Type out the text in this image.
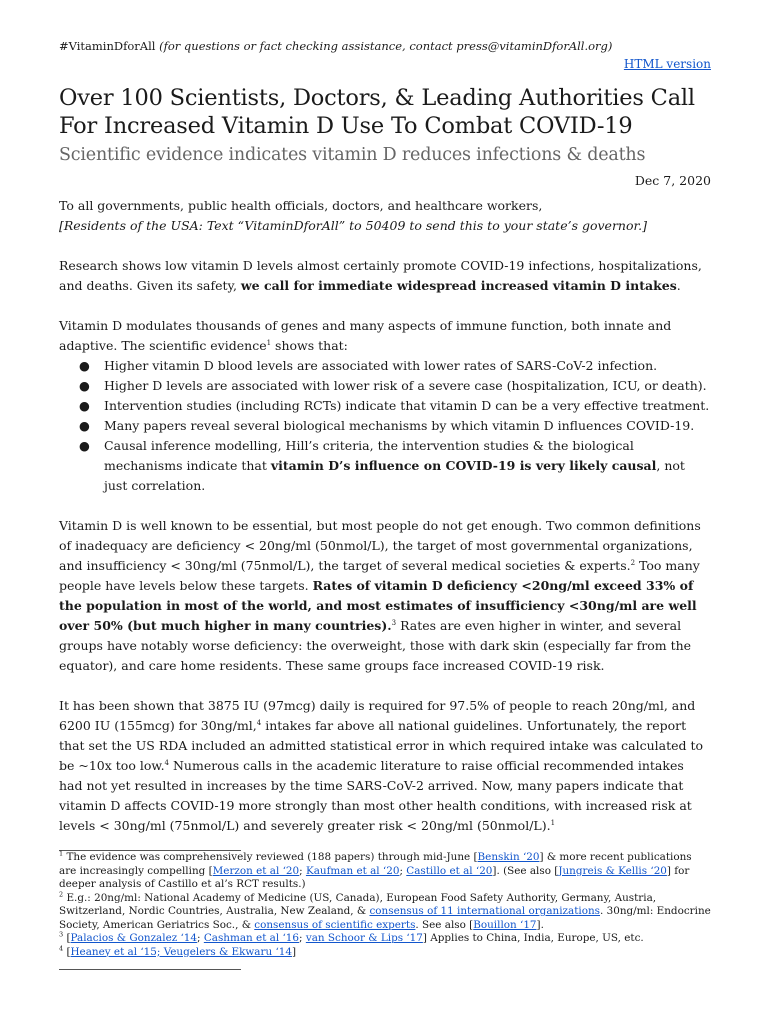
#VitaminDforAll (for questions or fact checking assistance, contact press@vitaminDforAll.org)
HTML version
Over 100 Scientists, Doctors, & Leading Authorities Call For Increased Vitamin D Use To Combat COVID-19
Scientific evidence indicates vitamin D reduces infections & deaths
Dec 7, 2020

To all governments, public health officials, doctors, and healthcare workers,

[Residents of the USA: Text “VitaminDforAll” to 50409 to send this to your state’s governor.]

Research shows low vitamin D levels almost certainly promote COVID-19 infections, hospitalizations, and deaths. Given its safety, we call for immediate widespread increased vitamin D intakes.

Vitamin D modulates thousands of genes and many aspects of immune function, both innate and adaptive. The scientific evidence$^1$ shows that:

● Higher vitamin D blood levels are associated with lower rates of SARS-CoV-2 infection.
● Higher D levels are associated with lower risk of a severe case (hospitalization, ICU, or death).
● Intervention studies (including RCTs) indicate that vitamin D can be a very effective treatment.
● Many papers reveal several biological mechanisms by which vitamin D influences COVID-19.
● Causal inference modelling, Hill’s criteria, the intervention studies & the biological mechanisms indicate that vitamin D’s influence on COVID-19 is very likely causal, not just correlation.

Vitamin D is well known to be essential, but most people do not get enough. Two common definitions of inadequacy are deficiency < 20ng/ml (50nmol/L), the target of most governmental organizations, and insufficiency < 30ng/ml (75nmol/L), the target of several medical societies & experts.$^2$ Too many people have levels below these targets. Rates of vitamin D deficiency <20ng/ml exceed 33% of the population in most of the world, and most estimates of insufficiency <30ng/ml are well over 50% (but much higher in many countries).$^3$ Rates are even higher in winter, and several groups have notably worse deficiency: the overweight, those with dark skin (especially far from the equator), and care home residents. These same groups face increased COVID-19 risk.

It has been shown that 3875 IU (97mcg) daily is required for 97.5% of people to reach 20ng/ml, and 6200 IU (155mcg) for 30ng/ml,$^4$ intakes far above all national guidelines. Unfortunately, the report that set the US RDA included an admitted statistical error in which required intake was calculated to be ~10x too low.$^4$ Numerous calls in the academic literature to raise official recommended intakes had not yet resulted in increases by the time SARS-CoV-2 arrived. Now, many papers indicate that vitamin D affects COVID-19 more strongly than most other health conditions, with increased risk at levels < 30ng/ml (75nmol/L) and severely greater risk < 20ng/ml (50nmol/L).$^1$

$^1$ The evidence was comprehensively reviewed (188 papers) through mid-June [Benskin ‘20] & more recent publications are increasingly compelling [Merzon et al ‘20; Kaufman et al ‘20; Castillo et al ‘20]. (See also [Jungreis & Kellis ‘20] for deeper analysis of Castillo et al’s RCT results.)
$^2$ E.g.: 20ng/ml: National Academy of Medicine (US, Canada), European Food Safety Authority, Germany, Austria, Switzerland, Nordic Countries, Australia, New Zealand, & consensus of 11 international organizations. 30ng/ml: Endocrine Society, American Geriatrics Soc., & consensus of scientific experts. See also [Bouillon ‘17].
$^3$ [Palacios & Gonzalez ‘14; Cashman et al ‘16; van Schoor & Lips ‘17] Applies to China, India, Europe, US, etc.
$^4$ [Heaney et al ‘15; Veugelers & Ekwaru ‘14]
